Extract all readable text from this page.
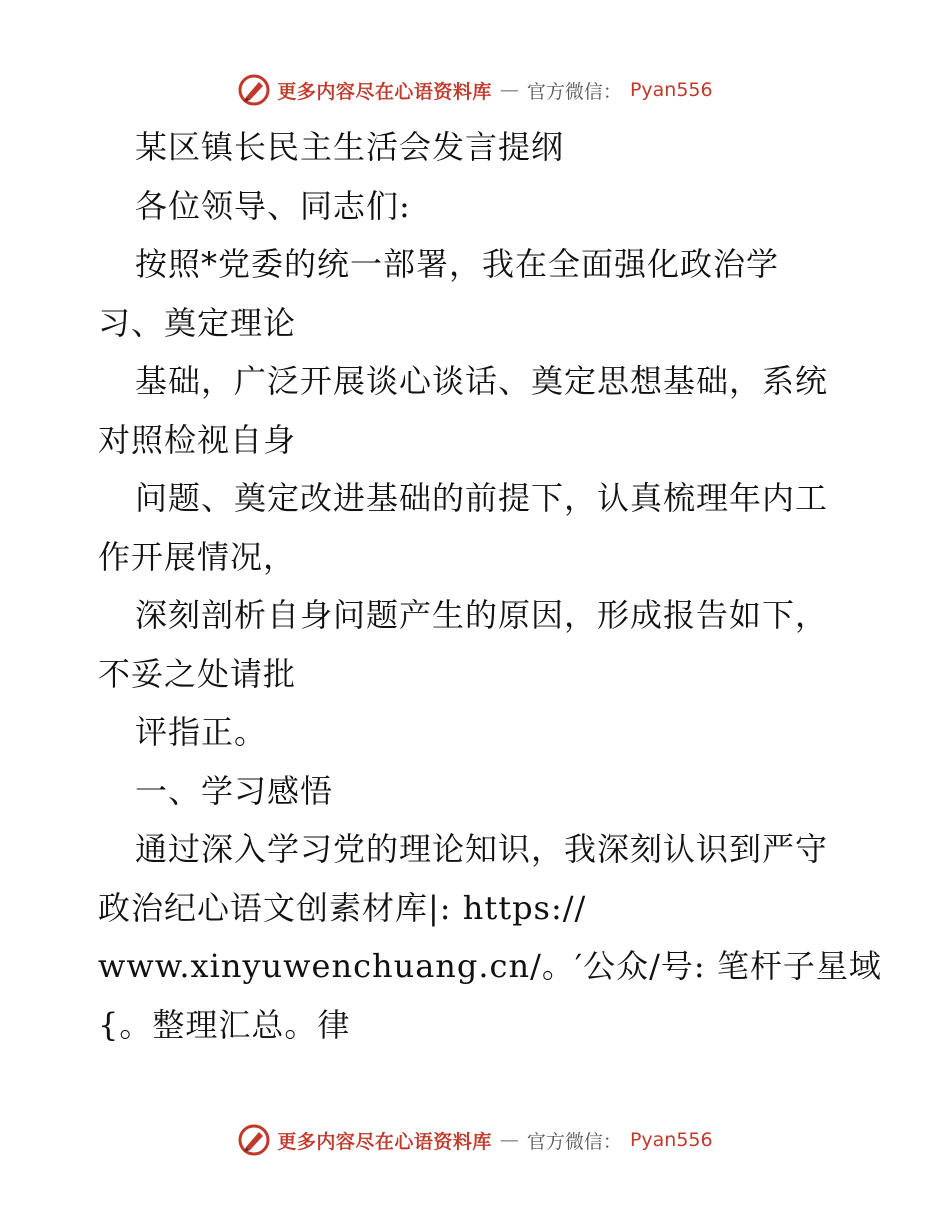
更多内容尽在心语资料库 — 官方微信： Pyan556
某区镇长民主生活会发言提纲
各位领导、同志们:
按照*党委的统一部署，我在全面强化政治学
习、奠定理论
基础，广泛开展谈心谈话、奠定思想基础，系统
对照检视自身
问题、奠定改进基础的前提下，认真梳理年内工
作开展情况，
深刻剖析自身问题产生的原因，形成报告如下，
不妥之处请批
评指正。
一、学习感悟
通过深入学习党的理论知识，我深刻认识到严守
政治纪心语文创素材库|: https://
www.xinyuwenchuang.cn/。′公众/号: 笔杆子星域
{。整理汇总。律
更多内容尽在心语资料库 — 官方微信： Pyan556
